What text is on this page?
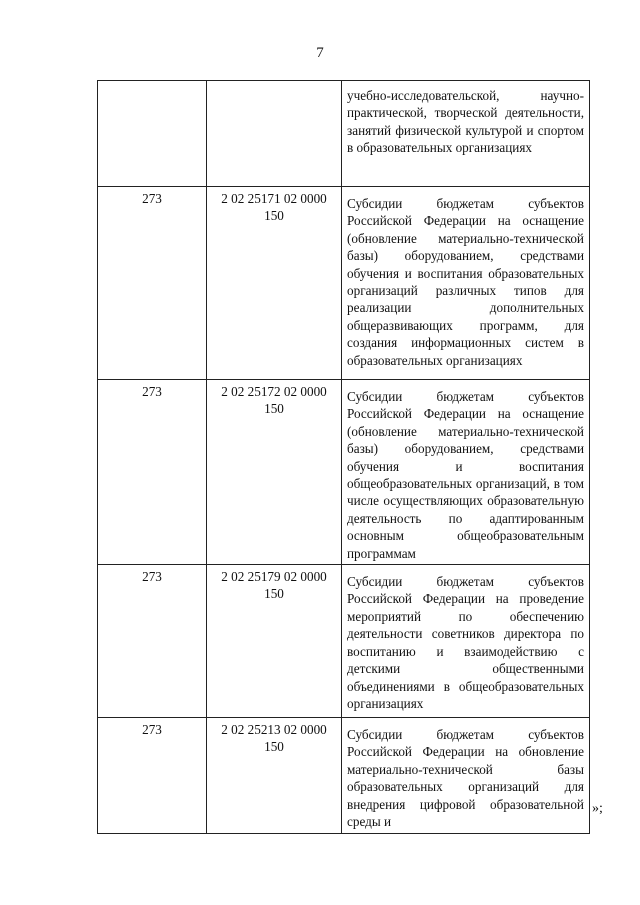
7
		учебно-исследовательской, научно-практической, творческой деятельности, занятий физической культурой и спортом в образовательных организациях
273	2 02 25171 02 0000 150	Субсидии бюджетам субъектов Российской Федерации на оснащение (обновление материально-технической базы) оборудованием, средствами обучения и воспитания образовательных организаций различных типов для реализации дополнительных общеразвивающих программ, для создания информационных систем в образовательных организациях
273	2 02 25172 02 0000 150	Субсидии бюджетам субъектов Российской Федерации на оснащение (обновление материально-технической базы) оборудованием, средствами обучения и воспитания общеобразовательных организаций, в том числе осуществляющих образовательную деятельность по адаптированным основным общеобразовательным программам
273	2 02 25179 02 0000 150	Субсидии бюджетам субъектов Российской Федерации на проведение мероприятий по обеспечению деятельности советников директора по воспитанию и взаимодействию с детскими общественными объединениями в общеобразовательных организациях
273	2 02 25213 02 0000 150	Субсидии бюджетам субъектов Российской Федерации на обновление материально-технической базы образовательных организаций для внедрения цифровой образовательной среды и
»;
